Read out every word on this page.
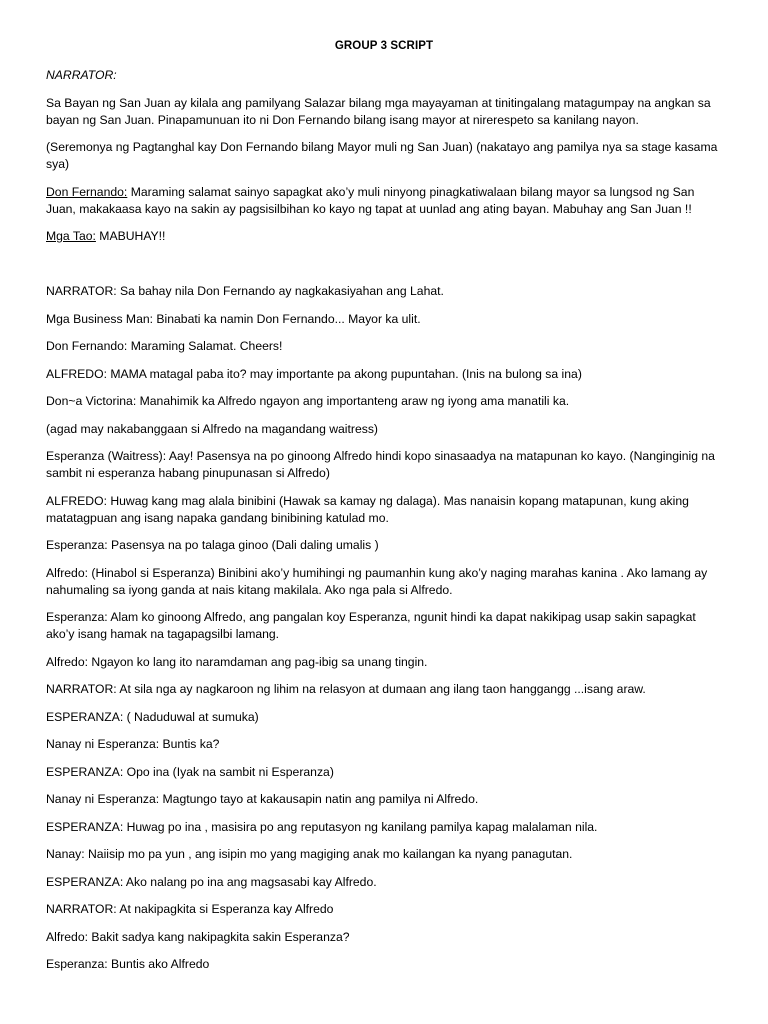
GROUP 3 SCRIPT

NARRATOR:

Sa Bayan ng San Juan ay kilala ang pamilyang Salazar bilang mga mayayaman at tinitingalang matagumpay na angkan sa bayan ng San Juan. Pinapamunuan ito ni Don Fernando bilang isang mayor at nirerespeto sa kanilang nayon.

(Seremonya ng Pagtanghal kay Don Fernando bilang Mayor muli ng San Juan) (nakatayo ang pamilya nya sa stage kasama sya)

Don Fernando: Maraming salamat sainyo sapagkat ako’y muli ninyong pinagkatiwalaan bilang mayor sa lungsod ng San Juan, makakaasa kayo na sakin ay pagsisilbihan ko kayo ng tapat at uunlad ang ating bayan. Mabuhay ang San Juan !!

Mga Tao: MABUHAY!!

NARRATOR: Sa bahay nila Don Fernando ay nagkakasiyahan ang Lahat.

Mga Business Man: Binabati ka namin Don Fernando... Mayor ka ulit.

Don Fernando: Maraming Salamat. Cheers!

ALFREDO: MAMA matagal paba ito? may importante pa akong pupuntahan. (Inis na bulong sa ina)

Don~a Victorina: Manahimik ka Alfredo ngayon ang importanteng araw ng iyong ama manatili ka.

(agad may nakabanggaan si Alfredo na magandang waitress)

Esperanza (Waitress): Aay! Pasensya na po ginoong Alfredo hindi kopo sinasaadya na matapunan ko kayo. (Nanginginig na sambit ni esperanza habang pinupunasan si Alfredo)

ALFREDO: Huwag kang mag alala binibini (Hawak sa kamay ng dalaga). Mas nanaisin kopang matapunan, kung aking matatagpuan ang isang napaka gandang binibining katulad mo.

Esperanza: Pasensya na po talaga ginoo (Dali daling umalis )

Alfredo: (Hinabol si Esperanza) Binibini ako’y humihingi ng paumanhin kung ako’y naging marahas kanina . Ako lamang ay nahumaling sa iyong ganda at nais kitang makilala. Ako nga pala si Alfredo.

Esperanza: Alam ko ginoong Alfredo, ang pangalan koy Esperanza, ngunit hindi ka dapat nakikipag usap sakin sapagkat ako’y isang hamak na tagapagsilbi lamang.

Alfredo: Ngayon ko lang ito naramdaman ang pag-ibig sa unang tingin.

NARRATOR: At sila nga ay nagkaroon ng lihim na relasyon at dumaan ang ilang taon hanggangg ...isang araw.

ESPERANZA: ( Naduduwal at sumuka)

Nanay ni Esperanza: Buntis ka?

ESPERANZA: Opo ina (Iyak na sambit ni Esperanza)

Nanay ni Esperanza: Magtungo tayo at kakausapin natin ang pamilya ni Alfredo.

ESPERANZA: Huwag po ina , masisira po ang reputasyon ng kanilang pamilya kapag malalaman nila.

Nanay: Naiisip mo pa yun , ang isipin mo yang magiging anak mo kailangan ka nyang panagutan.

ESPERANZA: Ako nalang po ina ang magsasabi kay Alfredo.

NARRATOR: At nakipagkita si Esperanza kay Alfredo

Alfredo: Bakit sadya kang nakipagkita sakin Esperanza?

Esperanza: Buntis ako Alfredo
